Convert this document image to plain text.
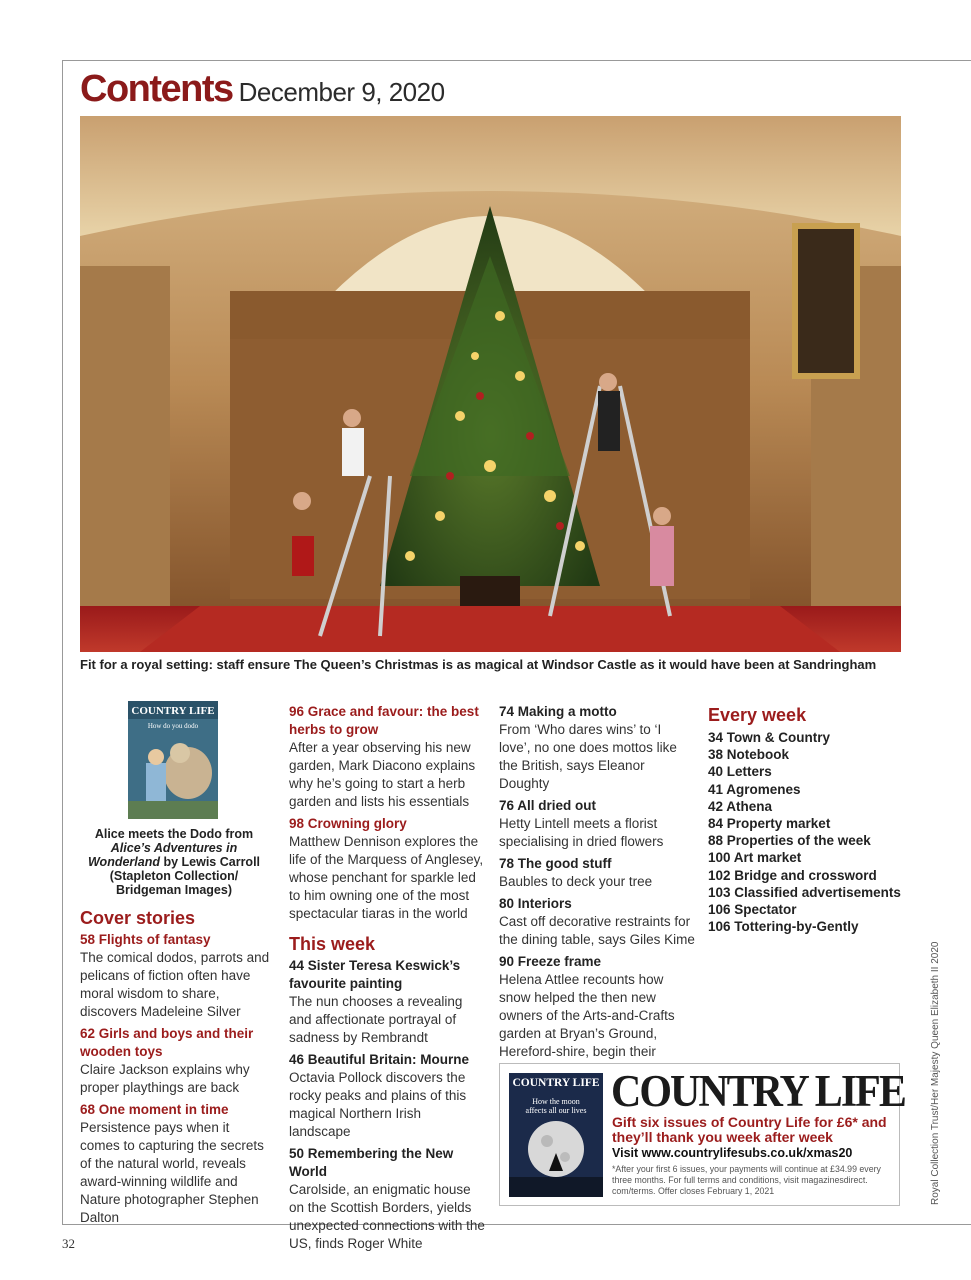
Contents December 9, 2020
Fit for a royal setting: staff ensure The Queen’s Christmas is as magical at Windsor Castle as it would have been at Sandringham
COUNTRY LIFE
How do you dodo
Alice meets the Dodo from
Alice’s Adventures in Wonderland by Lewis Carroll (Stapleton Collection/ Bridgeman Images)
Cover stories
58 Flights of fantasy
The comical dodos, parrots and pelicans of fiction often have moral wisdom to share, discovers Madeleine Silver
62 Girls and boys and their wooden toys
Claire Jackson explains why proper playthings are back
68 One moment in time
Persistence pays when it comes to capturing the secrets of the natural world, reveals award-winning wildlife and Nature photographer Stephen Dalton
96 Grace and favour: the best herbs to grow
After a year observing his new garden, Mark Diacono explains why he’s going to start a herb garden and lists his essentials
98 Crowning glory
Matthew Dennison explores the life of the Marquess of Anglesey, whose penchant for sparkle led to him owning one of the most spectacular tiaras in the world
This week
44 Sister Teresa Keswick’s favourite painting
The nun chooses a revealing and affectionate portrayal of sadness by Rembrandt
46 Beautiful Britain: Mourne
Octavia Pollock discovers the rocky peaks and plains of this magical Northern Irish landscape
50 Remembering the New World
Carolside, an enigmatic house on the Scottish Borders, yields unexpected connections with the US, finds Roger White
74 Making a motto
From ‘Who dares wins’ to ‘I love’, no one does mottos like the British, says Eleanor Doughty
76 All dried out
Hetty Lintell meets a florist specialising in dried flowers
78 The good stuff
Baubles to deck your tree
80 Interiors
Cast off decorative restraints for the dining table, says Giles Kime
90 Freeze frame
Helena Attlee recounts how snow helped the then new owners of the Arts-and-Crafts garden at Bryan’s Ground, Hereford-shire, begin their
Every week
34 Town & Country
38 Notebook
40 Letters
41 Agromenes
42 Athena
84 Property market
88 Properties of the week
100 Art market
102 Bridge and crossword
103 Classified advertisements
106 Spectator
106 Tottering-by-Gently
COUNTRY LIFE
How the moon
affects all our lives COUNTRY LIFE
Gift six issues of Country Life for £6* and they’ll thank you week after week
Visit www.countrylifesubs.co.uk/xmas20
*After your first 6 issues, your payments will continue at £34.99 every three months. For full terms and conditions, visit magazinesdirect. com/terms. Offer closes February 1, 2021	Royal Collection Trust/Her Majesty Queen Elizabeth II 2020
32
